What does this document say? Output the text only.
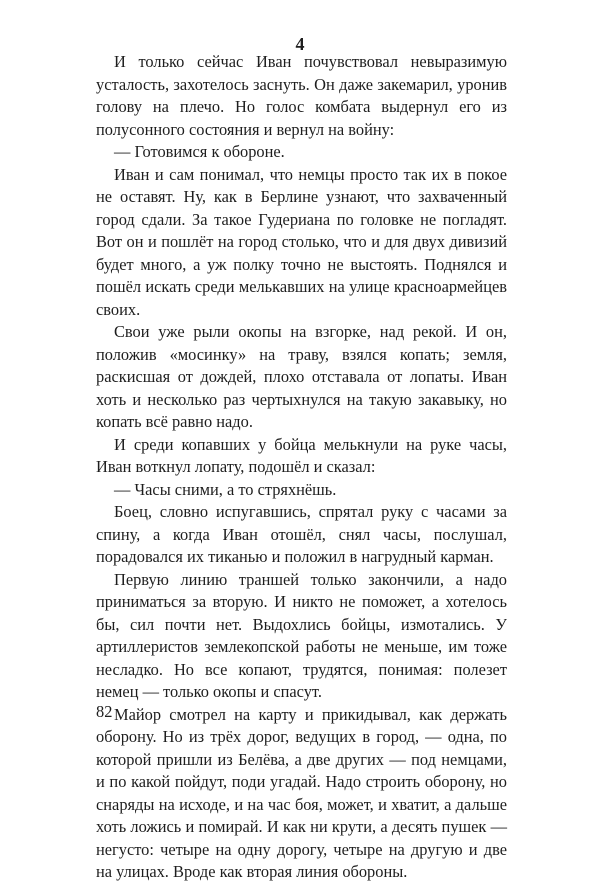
4

И только сейчас Иван почувствовал невыразимую усталость, захотелось заснуть. Он даже закемарил, уронив голову на плечо. Но голос комбата выдернул его из полусонного состояния и вернул на войну:

— Готовимся к обороне.

Иван и сам понимал, что немцы просто так их в покое не оставят. Ну, как в Берлине узнают, что захваченный город сдали. За такое Гудериана по головке не погладят. Вот он и пошлёт на город столько, что и для двух дивизий будет много, а уж полку точно не выстоять. Поднялся и пошёл искать среди мелькавших на улице красноармейцев своих.

Свои уже рыли окопы на взгорке, над рекой. И он, положив «мосинку» на траву, взялся копать; земля, раскисшая от дождей, плохо отставала от лопаты. Иван хоть и несколько раз чертыхнулся на такую закавыку, но копать всё равно надо.

И среди копавших у бойца мелькнули на руке часы, Иван воткнул лопату, подошёл и сказал:

— Часы сними, а то стряхнёшь.

Боец, словно испугавшись, спрятал руку с часами за спину, а когда Иван отошёл, снял часы, послушал, порадовался их тиканью и положил в нагрудный карман.

Первую линию траншей только закончили, а надо приниматься за вторую. И никто не поможет, а хотелось бы, сил почти нет. Выдохлись бойцы, измотались. У артиллеристов землекопской работы не меньше, им тоже несладко. Но все копают, трудятся, понимая: полезет немец — только окопы и спасут.

Майор смотрел на карту и прикидывал, как держать оборону. Но из трёх дорог, ведущих в город, — одна, по которой пришли из Белёва, а две других — под немцами, и по какой пойдут, поди угадай. Надо строить оборону, но снаряды на исходе, и на час боя, может, и хватит, а дальше хоть ложись и помирай. И как ни крути, а десять пушек — негусто: четыре на одну дорогу, четыре на другую и две на улицах. Вроде как вторая линия обороны.

82
